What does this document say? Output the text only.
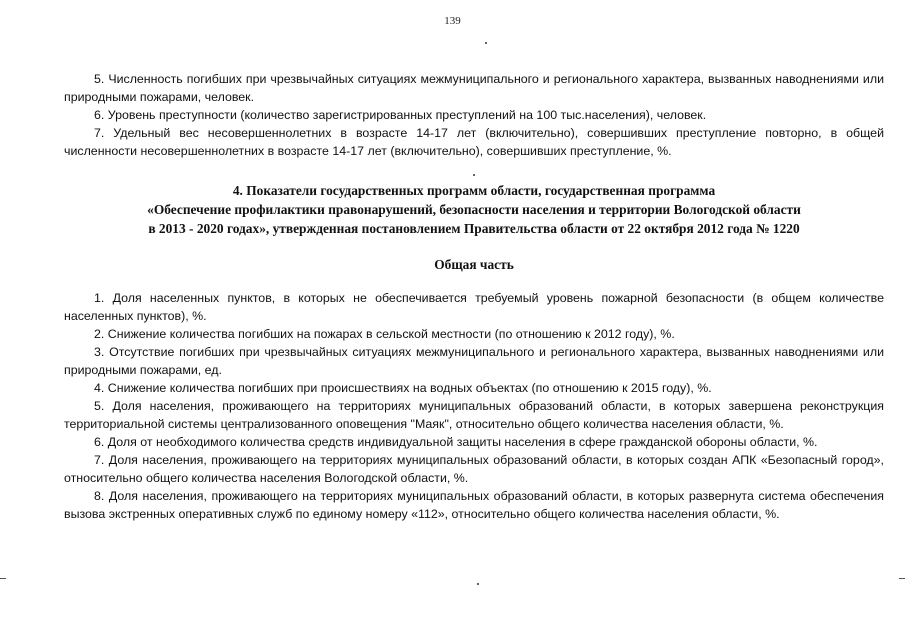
139

5. Численность погибших при чрезвычайных ситуациях межмуниципального и регионального характера, вызванных наводнениями или природными пожарами, человек.

6. Уровень преступности (количество зарегистрированных преступлений на 100 тыс.населения), человек.

7. Удельный вес несовершеннолетних в возрасте 14-17 лет (включительно), совершивших преступление повторно, в общей численности несовершеннолетних в возрасте 14-17 лет (включительно), совершивших преступление, %.

4. Показатели государственных программ области, государственная программа
«Обеспечение профилактики правонарушений, безопасности населения и территории Вологодской области
в 2013 - 2020 годах», утвержденная постановлением Правительства области от 22 октября 2012 года № 1220
Общая часть

1. Доля населенных пунктов, в которых не обеспечивается требуемый уровень пожарной безопасности (в общем количестве населенных пунктов), %.

2. Снижение количества погибших на пожарах в сельской местности (по отношению к 2012 году), %.

3. Отсутствие погибших при чрезвычайных ситуациях межмуниципального и регионального характера, вызванных наводнениями или природными пожарами, ед.

4. Снижение количества погибших при происшествиях на водных объектах (по отношению к 2015 году), %.

5. Доля населения, проживающего на территориях муниципальных образований области, в которых завершена реконструкция территориальной системы централизованного оповещения "Маяк", относительно общего количества населения области, %.

6. Доля от необходимого количества средств индивидуальной защиты населения в сфере гражданской обороны области, %.

7. Доля населения, проживающего на территориях муниципальных образований области, в которых создан АПК «Безопасный город», относительно общего количества населения Вологодской области, %.

8. Доля населения, проживающего на территориях муниципальных образований области, в которых развернута система обеспечения вызова экстренных оперативных служб по единому номеру «112», относительно общего количества населения области, %.
